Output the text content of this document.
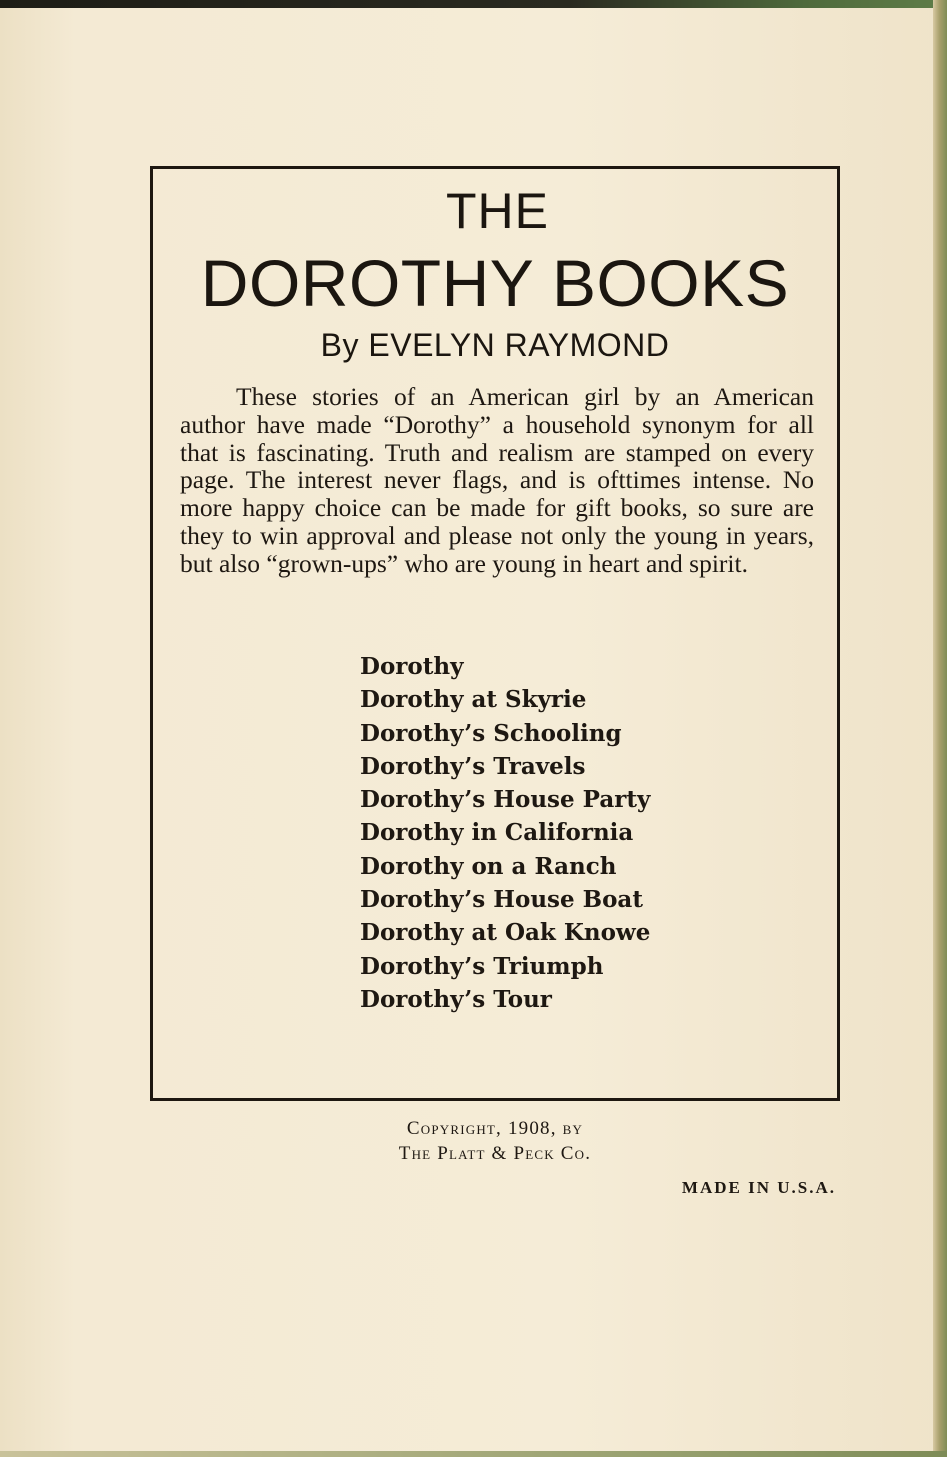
THE
DOROTHY BOOKS
By EVELYN RAYMOND

These stories of an American girl by an American author have made “Dorothy” a household synonym for all that is fascinating. Truth and realism are stamped on every page. The interest never flags, and is ofttimes intense. No more happy choice can be made for gift books, so sure are they to win approval and please not only the young in years, but also “grown-ups” who are young in heart and spirit.

Dorothy
Dorothy at Skyrie
Dorothy’s Schooling
Dorothy’s Travels
Dorothy’s House Party
Dorothy in California
Dorothy on a Ranch
Dorothy’s House Boat
Dorothy at Oak Knowe
Dorothy’s Triumph
Dorothy’s Tour
Copyright, 1908, by
The Platt & Peck Co.
MADE IN U.S.A.
